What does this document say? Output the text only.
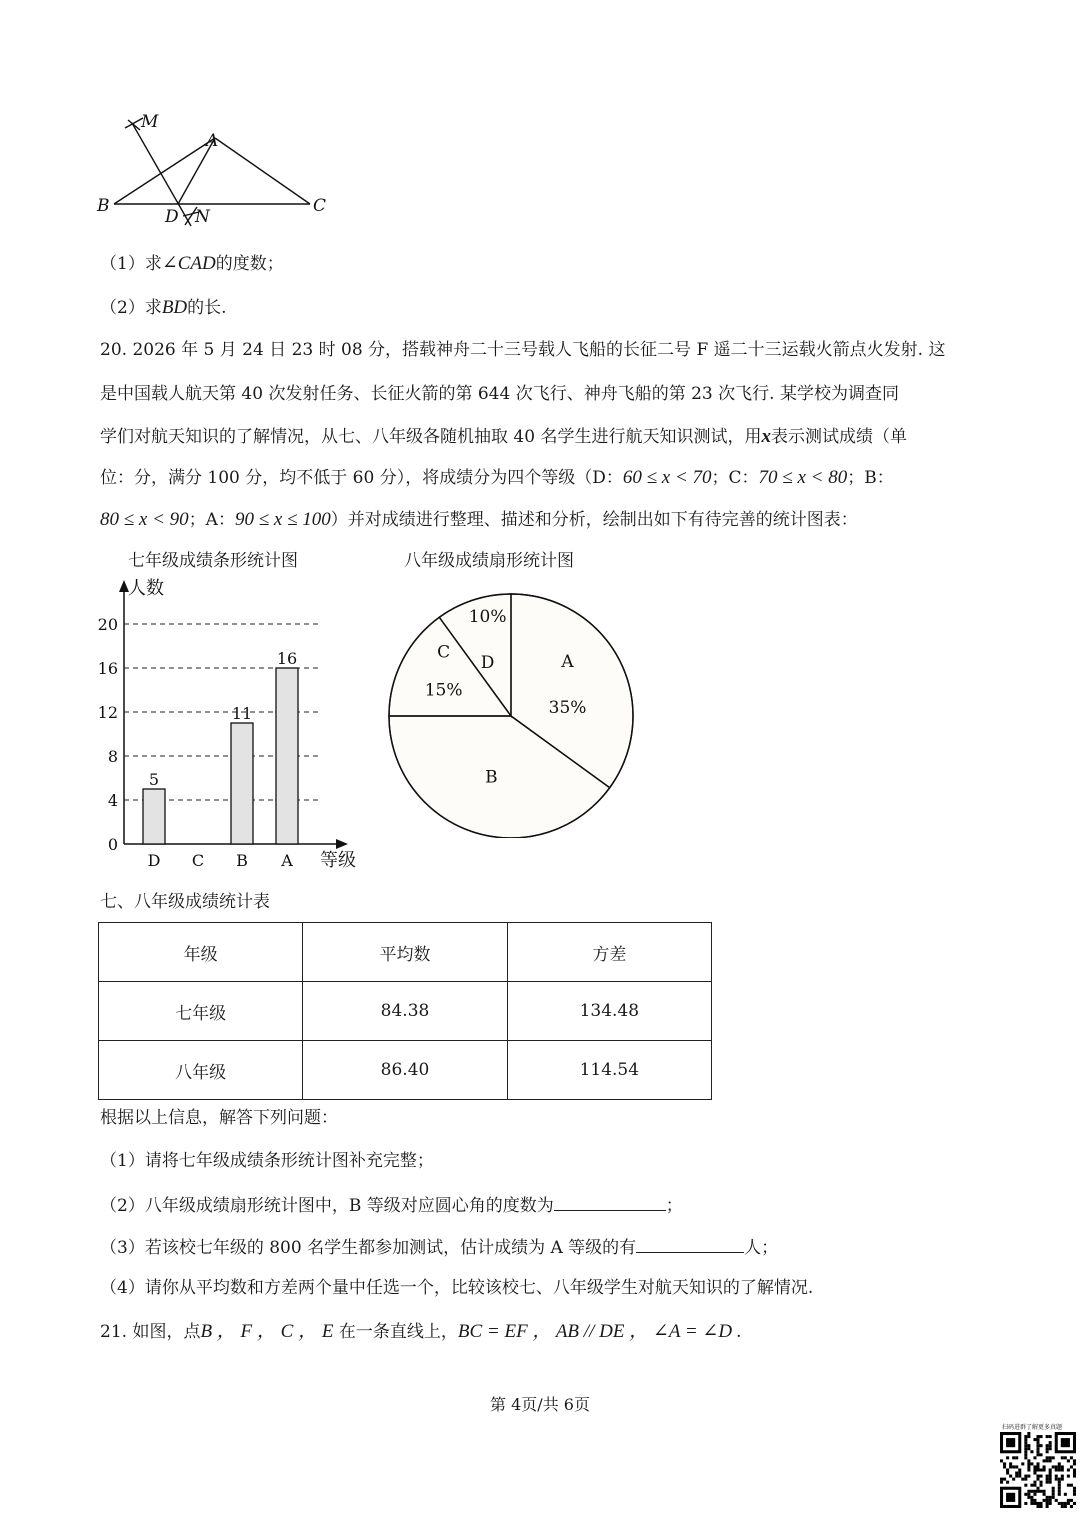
M
A
B
D N
C
（1）求∠CAD的度数；
（2）求BD的长.
20. 2026 年 5 月 24 日 23 时 08 分，搭载神舟二十三号载人飞船的长征二号 F 遥二十三运载火箭点火发射. 这
是中国载人航天第 40 次发射任务、长征火箭的第 644 次飞行、神舟飞船的第 23 次飞行. 某学校为调查同
学们对航天知识的了解情况，从七、八年级各随机抽取 40 名学生进行航天知识测试，用x表示测试成绩（单
位：分，满分 100 分，均不低于 60 分），将成绩分为四个等级（D：60 ≤ x < 70；C：70 ≤ x < 80；B：
80 ≤ x < 90；A：90 ≤ x ≤ 100）并对成绩进行整理、描述和分析，绘制出如下有待完善的统计图表：
七年级成绩条形统计图	八年级成绩扇形统计图
0
4
8
12
16
20
人数
等级
5
D C
11
B
16
A
A
35%
B
C
15%
10%
D
七、八年级成绩统计表
年级	平均数	方差
七年级	84.38	134.48
八年级	86.40	114.54
根据以上信息，解答下列问题：
（1）请将七年级成绩条形统计图补充完整；
（2）八年级成绩扇形统计图中，B 等级对应圆心角的度数为	；
（3）若该校七年级的 800 名学生都参加测试，估计成绩为 A 等级的有	人；
（4）请你从平均数和方差两个量中任选一个，比较该校七、八年级学生对航天知识的了解情况.
21. 如图，点B ， F ， C ， E 在一条直线上，BC = EF ， AB // DE ， ∠A = ∠D .
第 4页/共 6页
扫码进群了解更多真题
